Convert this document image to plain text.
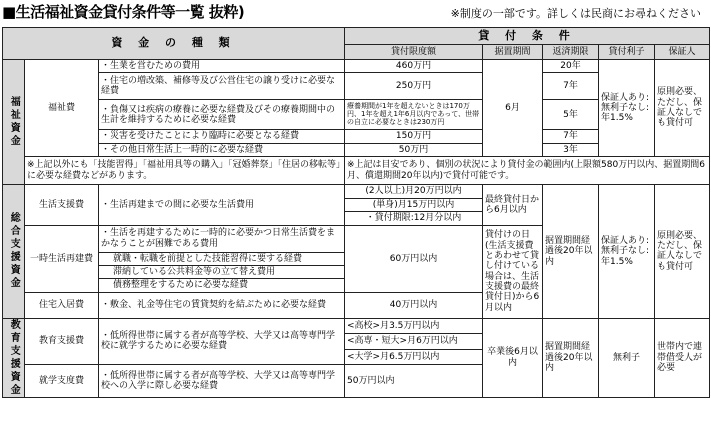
■生活福祉資金貸付条件等一覧 抜粋)	※制度の一部です。詳しくは民商にお尋ねください
資 金 の 種 類			貸 付 条 件				
			貸付限度額	据置期間	返済期限	貸付利子	保証人
福祉資金	福祉費	・生業を営むための費用	460万円	6月	20年	保証人あり:無利子なし:年1.5%	原則必要、ただし、保証人なしでも貸付可
		・住宅の増改築、補修等及び公営住宅の譲り受けに必要な経費	250万円		7年		
		・負傷又は疾病の療養に必要な経費及びその療養期間中の生計を維持するために必要な経費	療養期間が1年を超えないときは170万円、1年を超え1年6月以内であって、世帯の自立に必要なときは230万円		5年		
		・災害を受けたことにより臨時に必要となる経費	150万円		7年		
		・その他日常生活上一時的に必要な経費	50万円		3年		
	※上記以外にも「技能習得」「福祉用具等の購入」「冠婚葬祭」「住居の移転等」に必要な経費などがあります。		※上記は目安であり、個別の状況により貸付金の範囲内(上限額580万円以内、据置期間6月、償還期間20年以内)で貸付可能です。				
総合支援資金	生活支援費	・生活再建までの間に必要な生活費用	(2人以上)月20万円以内	最終貸付日から6月以内	据置期間経過後20年以内	保証人あり:無利子なし:年1.5%	原則必要、ただし、保証人なしでも貸付可
			(単身)月15万円以内				
			・貸付期限:12月分以内				
	一時生活再建費	・生活を再建するために一時的に必要かつ日常生活費をまかなうことが困難である費用	60万円以内	貸付けの日(生活支援費とあわせて貸し付けている場合は、生活支援費の最終貸付日)から6月以内			
		就職・転職を前提とした技能習得に要する経費					
		滞納している公共料金等の立て替え費用					
		債務整理をするために必要な経費					
	住宅入居費	・敷金、礼金等住宅の賃貸契約を結ぶために必要な経費	40万円以内				
教育支援資金	教育支援費	・低所得世帯に属する者が高等学校、大学又は高等専門学校に就学するために必要な経費	<高校>月3.5万円以内	卒業後6月以内	据置期間経過後20年以内	無利子	世帯内で連帯借受人が必要
			<高専・短大>月6万円以内				
			<大学>月6.5万円以内				
	就学支度費	・低所得世帯に属する者が高等学校、大学又は高等専門学校への入学に際し必要な経費	50万円以内				
